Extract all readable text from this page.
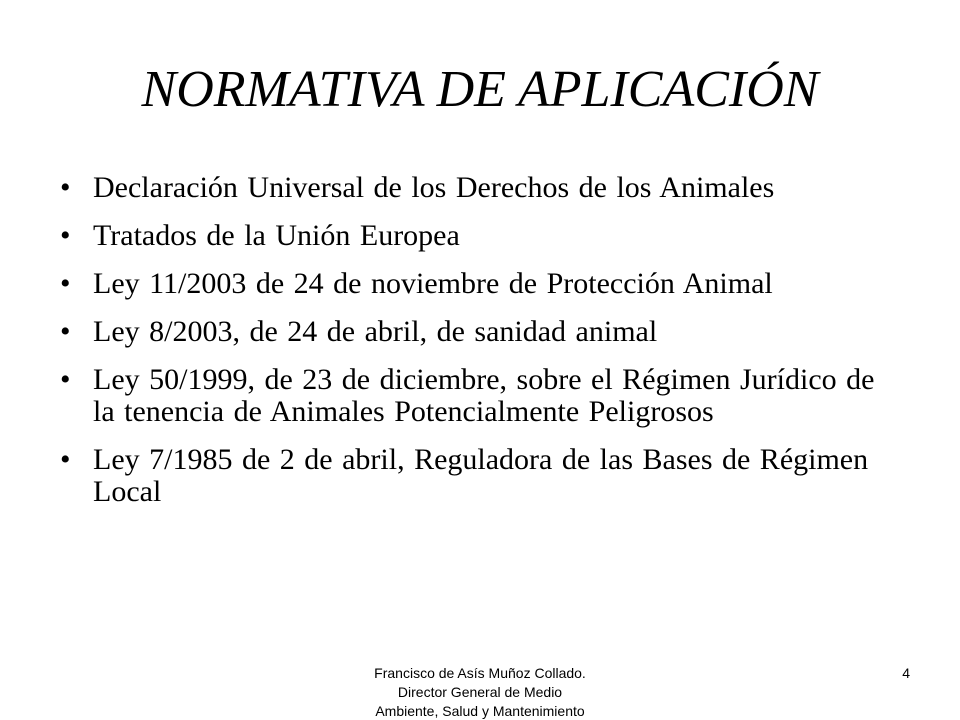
NORMATIVA DE APLICACIÓN
• Declaración Universal de los Derechos de los Animales
• Tratados de la Unión Europea
• Ley 11/2003 de 24 de noviembre de Protección Animal
• Ley 8/2003, de 24 de abril, de sanidad animal
• Ley 50/1999, de 23 de diciembre, sobre el Régimen Jurídico de la tenencia de Animales Potencialmente Peligrosos
• Ley 7/1985 de 2 de abril, Reguladora de las Bases de Régimen Local
Francisco de Asís Muñoz Collado.
Director General de Medio
Ambiente, Salud y Mantenimiento
4
